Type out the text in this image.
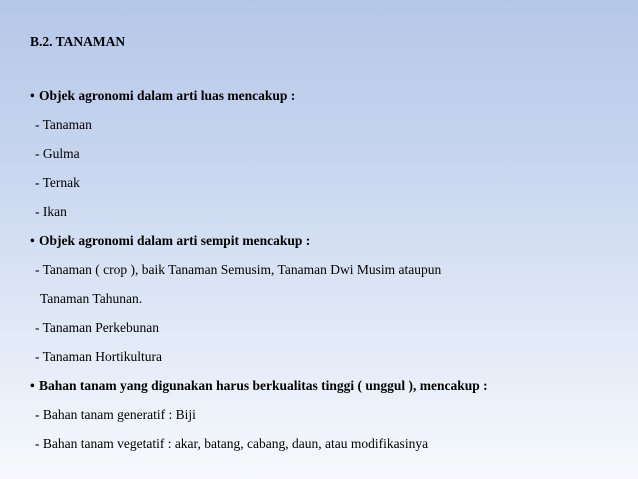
B.2. TANAMAN
• Objek agronomi dalam arti luas mencakup :
- Tanaman
- Gulma
- Ternak
- Ikan
• Objek agronomi dalam arti sempit mencakup :
- Tanaman ( crop ), baik Tanaman Semusim, Tanaman Dwi Musim ataupun
Tanaman Tahunan.
- Tanaman Perkebunan
- Tanaman Hortikultura
• Bahan tanam yang digunakan harus berkualitas tinggi ( unggul ), mencakup :
- Bahan tanam generatif : Biji
- Bahan tanam vegetatif : akar, batang, cabang, daun, atau modifikasinya
